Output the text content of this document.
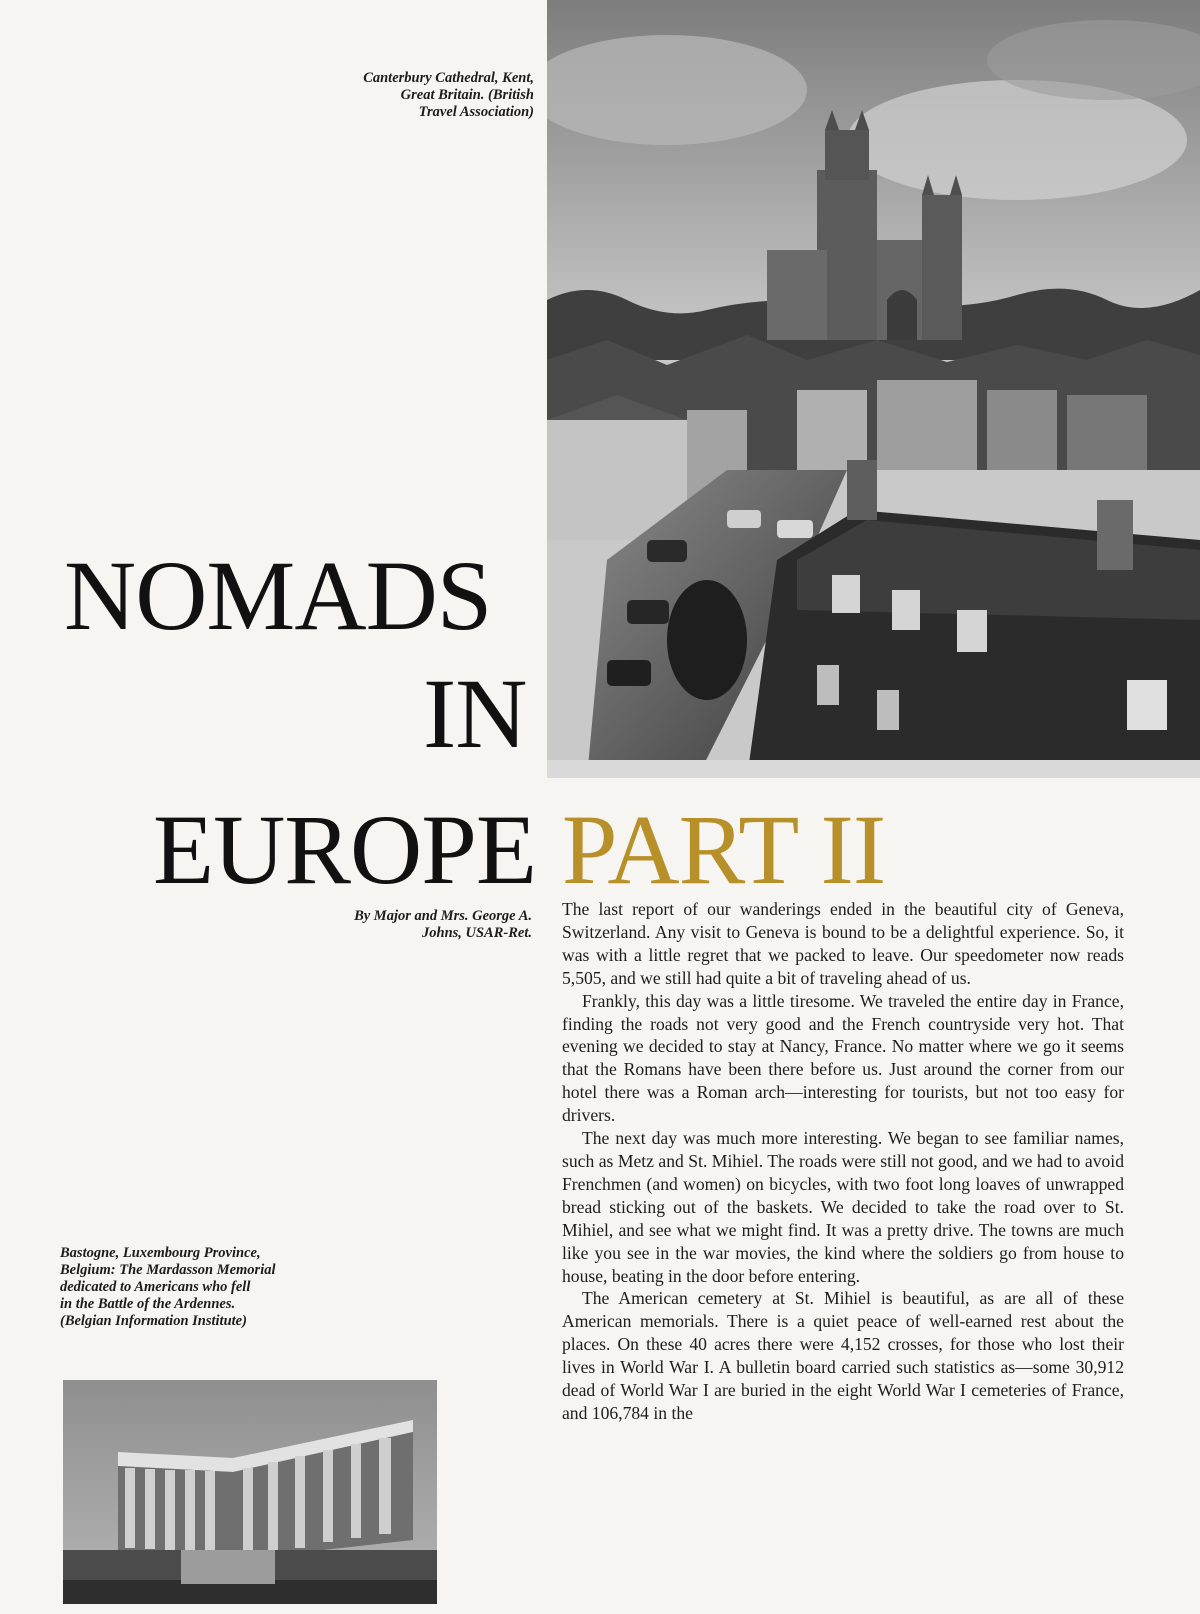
Canterbury Cathedral, Kent,

Great Britain. (British

Travel Association)

NOMADS
IN
EUROPE PART II

By Major and Mrs. George A.

Johns, USAR-Ret.

The last report of our wanderings ended in the beautiful city of Geneva, Switzerland. Any visit to Geneva is bound to be a delightful experience. So, it was with a little regret that we packed to leave. Our speedometer now reads 5,505, and we still had quite a bit of traveling ahead of us.

Frankly, this day was a little tiresome. We traveled the entire day in France, finding the roads not very good and the French countryside very hot. That evening we decided to stay at Nancy, France. No matter where we go it seems that the Romans have been there before us. Just around the corner from our hotel there was a Roman arch—interesting for tourists, but not too easy for drivers.

The next day was much more interesting. We began to see familiar names, such as Metz and St. Mihiel. The roads were still not good, and we had to avoid Frenchmen (and women) on bicycles, with two foot long loaves of unwrapped bread sticking out of the baskets. We decided to take the road over to St. Mihiel, and see what we might find. It was a pretty drive. The towns are much like you see in the war movies, the kind where the soldiers go from house to house, beating in the door before entering.

The American cemetery at St. Mihiel is beautiful, as are all of these American memorials. There is a quiet peace of well-earned rest about the places. On these 40 acres there were 4,152 crosses, for those who lost their lives in World War I. A bulletin board carried such statistics as—some 30,912 dead of World War I are buried in the eight World War I cemeteries of France, and 106,784 in the

Bastogne, Luxembourg Province,

Belgium: The Mardasson Memorial

dedicated to Americans who fell

in the Battle of the Ardennes.

(Belgian Information Institute)
